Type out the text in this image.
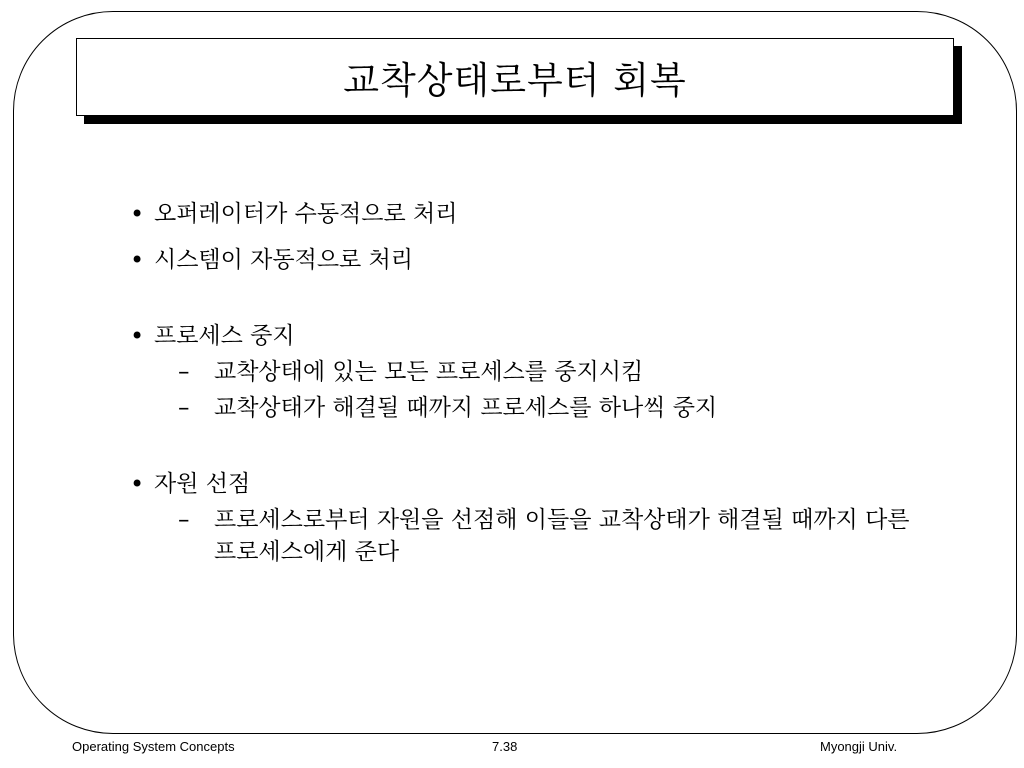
교착상태로부터 회복
• 오퍼레이터가 수동적으로 처리
• 시스템이 자동적으로 처리
• 프로세스 중지
– 교착상태에 있는 모든 프로세스를 중지시킴
– 교착상태가 해결될 때까지 프로세스를 하나씩 중지
• 자원 선점
– 프로세스로부터 자원을 선점해 이들을 교착상태가 해결될 때까지 다른 프로세스에게 준다
Operating System Concepts	7.38	Myongji Univ.
